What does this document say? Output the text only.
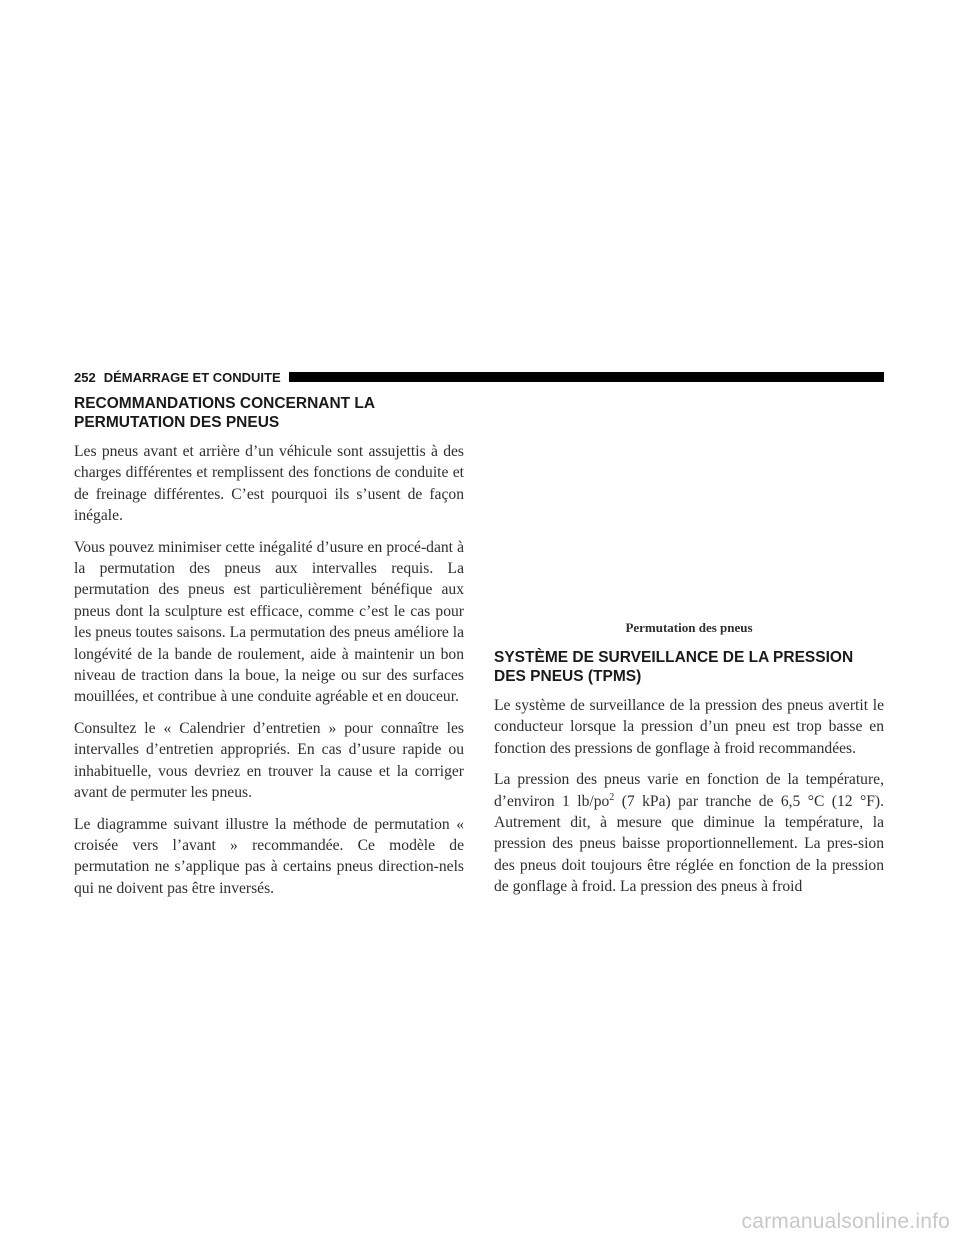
252 DÉMARRAGE ET CONDUITE
RECOMMANDATIONS CONCERNANT LA PERMUTATION DES PNEUS

Les pneus avant et arrière d’un véhicule sont assujettis à des charges différentes et remplissent des fonctions de conduite et de freinage différentes. C’est pourquoi ils s’usent de façon inégale.

Vous pouvez minimiser cette inégalité d’usure en procé-dant à la permutation des pneus aux intervalles requis. La permutation des pneus est particulièrement bénéfique aux pneus dont la sculpture est efficace, comme c’est le cas pour les pneus toutes saisons. La permutation des pneus améliore la longévité de la bande de roulement, aide à maintenir un bon niveau de traction dans la boue, la neige ou sur des surfaces mouillées, et contribue à une conduite agréable et en douceur.

Consultez le « Calendrier d’entretien » pour connaître les intervalles d’entretien appropriés. En cas d’usure rapide ou inhabituelle, vous devriez en trouver la cause et la corriger avant de permuter les pneus.

Le diagramme suivant illustre la méthode de permutation « croisée vers l’avant » recommandée. Ce modèle de permutation ne s’applique pas à certains pneus direction-nels qui ne doivent pas être inversés.

Permutation des pneus
SYSTÈME DE SURVEILLANCE DE LA PRESSION DES PNEUS (TPMS)

Le système de surveillance de la pression des pneus avertit le conducteur lorsque la pression d’un pneu est trop basse en fonction des pressions de gonflage à froid recommandées.

La pression des pneus varie en fonction de la température, d’environ 1 $lb/po^2$ (7 kPa) par tranche de 6,5 °C (12 °F). Autrement dit, à mesure que diminue la température, la pression des pneus baisse proportionnellement. La pres-sion des pneus doit toujours être réglée en fonction de la pression de gonflage à froid. La pression des pneus à froid

carmanualsonline.info
